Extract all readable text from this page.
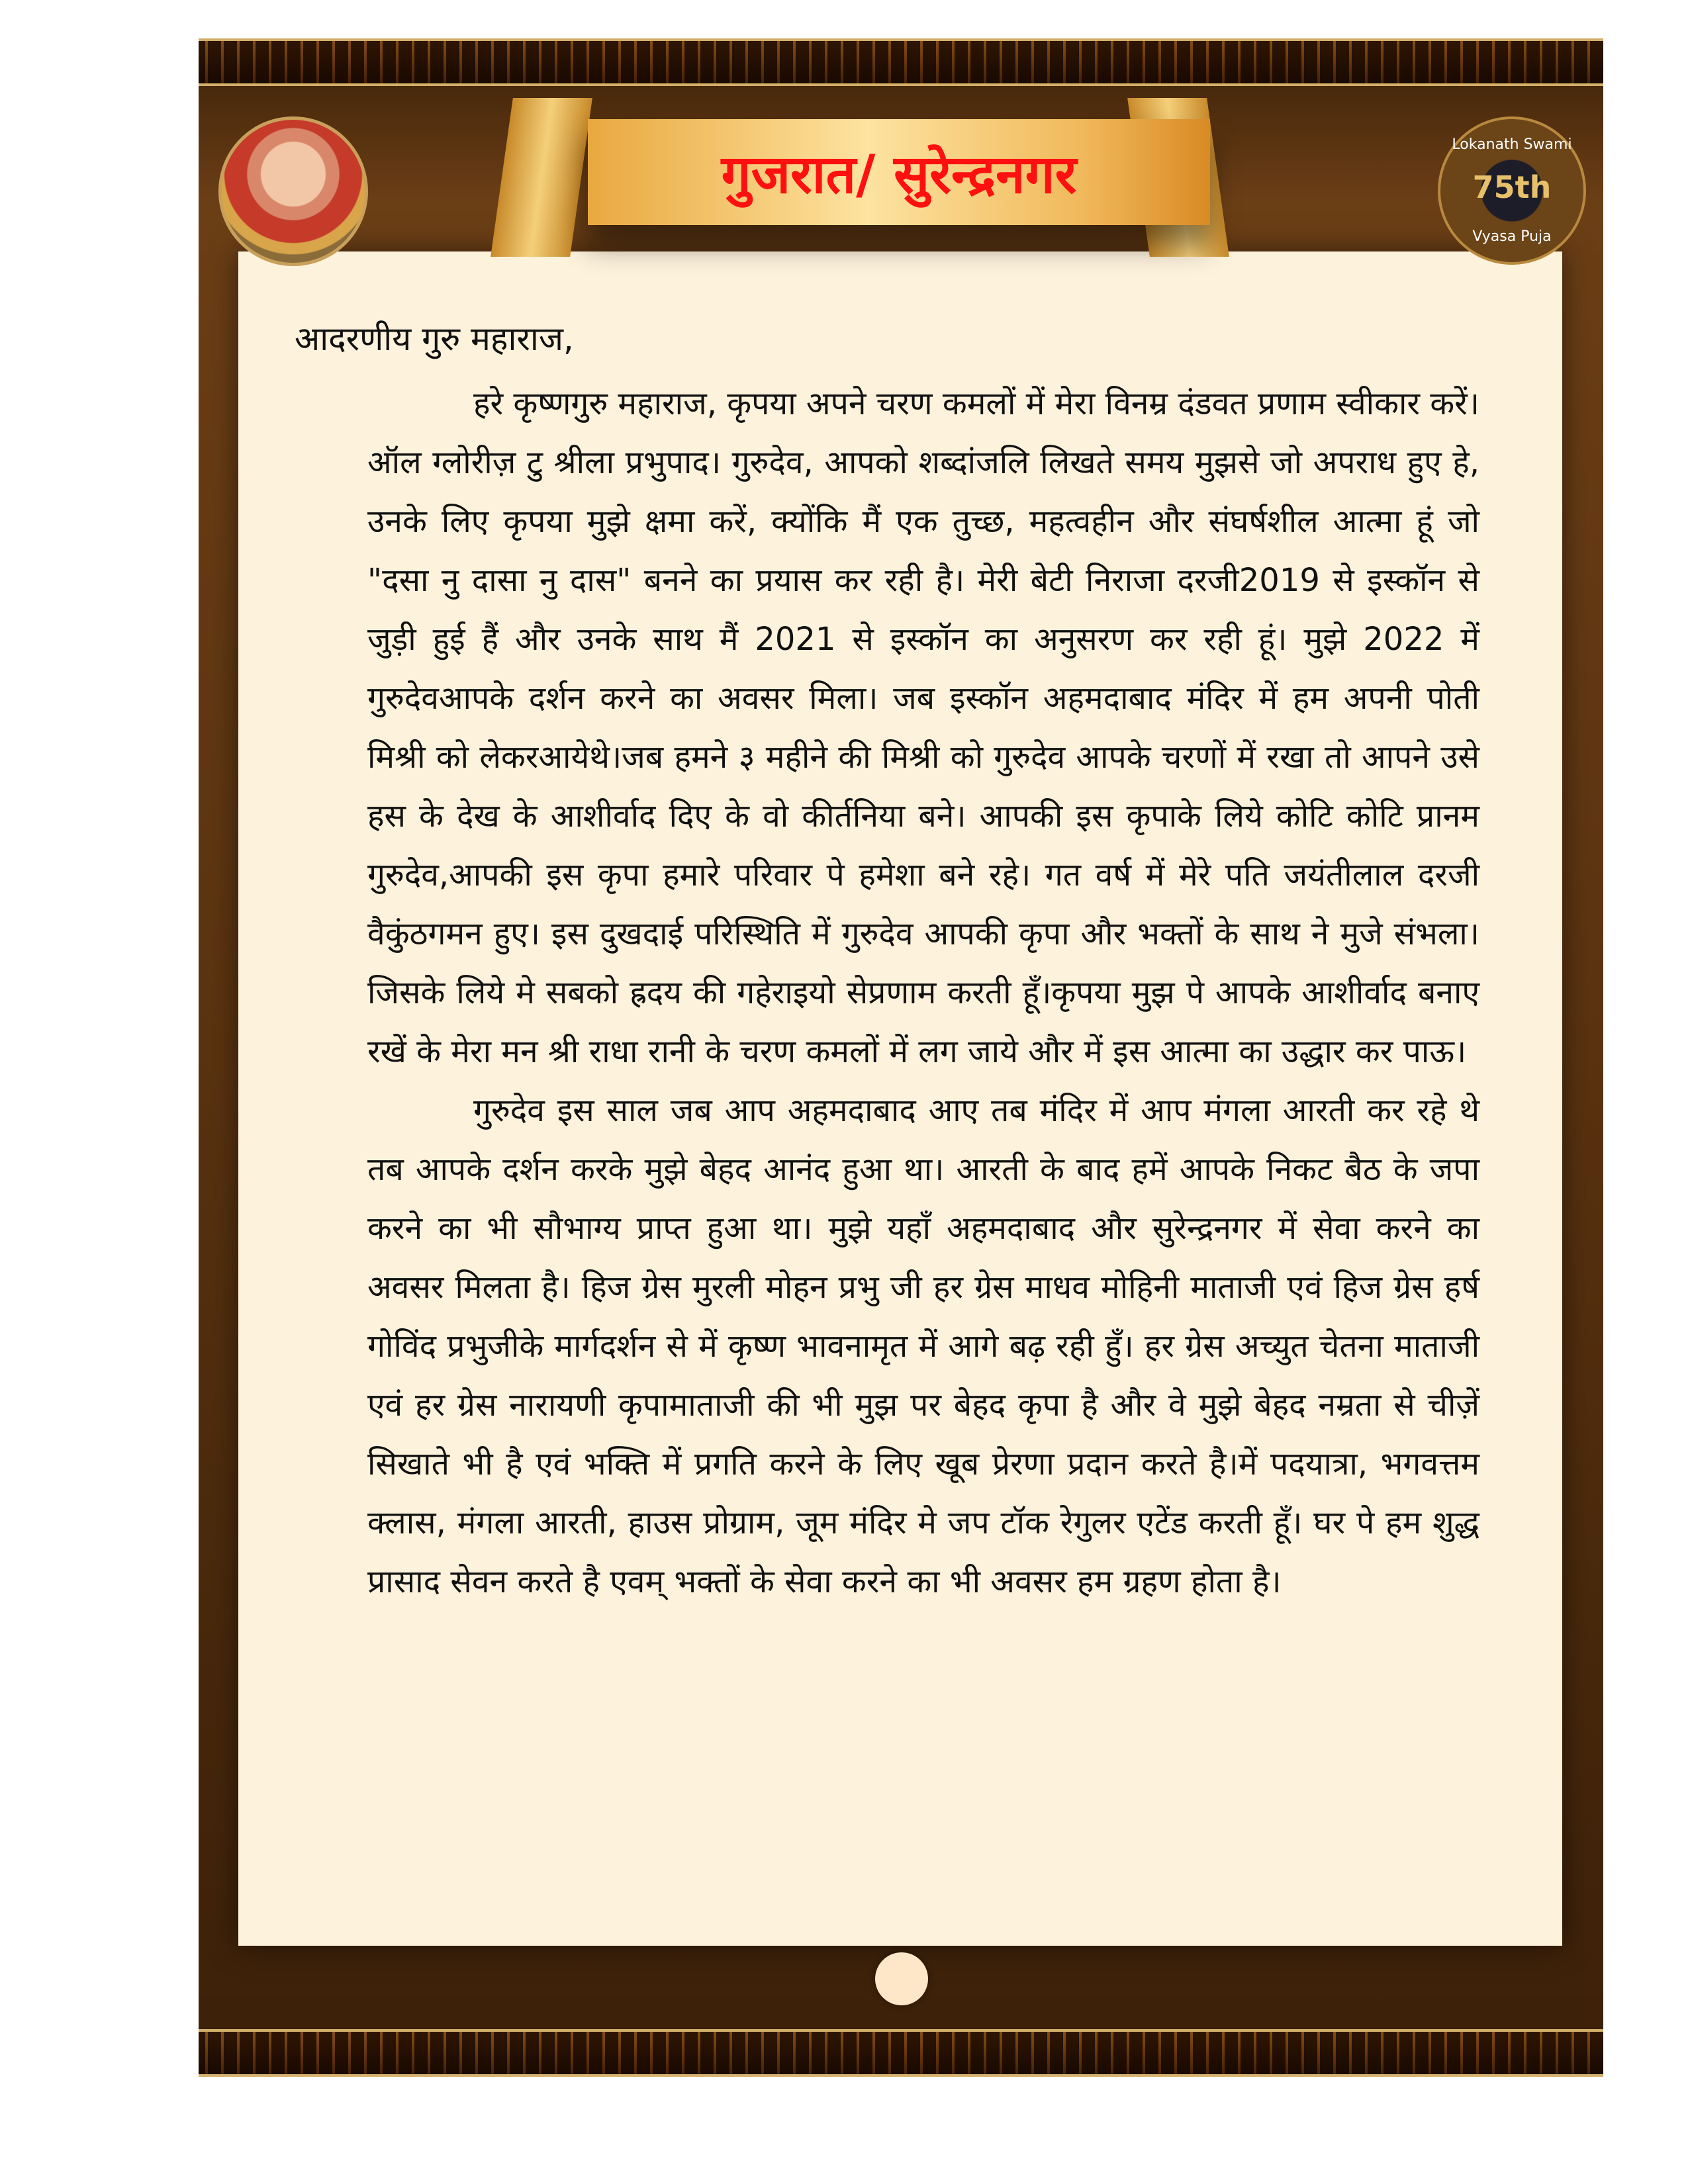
गुजरात/ सुरेन्द्रनगर	Lokanath Swami
75th
Vyasa Puja
आदरणीय गुरु महाराज,

हरे कृष्णगुरु महाराज, कृपया अपने चरण कमलों में मेरा विनम्र दंडवत प्रणाम स्वीकार करें।ऑल ग्लोरीज़ टु श्रीला प्रभुपाद। गुरुदेव, आपको शब्दांजलि लिखते समय मुझसे जो अपराध हुए हे, उनके लिए कृपया मुझे क्षमा करें, क्योंकि मैं एक तुच्छ, महत्वहीन और संघर्षशील आत्मा हूं जो "दसा नु दासा नु दास" बनने का प्रयास कर रही है। मेरी बेटी निराजा दरजी2019 से इस्कॉन से जुड़ी हुई हैं और उनके साथ मैं 2021 से इस्कॉन का अनुसरण कर रही हूं। मुझे 2022 में गुरुदेवआपके दर्शन करने का अवसर मिला। जब इस्कॉन अहमदाबाद मंदिर में हम अपनी पोती मिश्री को लेकरआयेथे।जब हमने ३ महीने की मिश्री को गुरुदेव आपके चरणों में रखा तो आपने उसे हस के देख के आशीर्वाद दिए के वो कीर्तनिया बने। आपकी इस कृपाके लिये कोटि कोटि प्रानम गुरुदेव,आपकी इस कृपा हमारे परिवार पे हमेशा बने रहे। गत वर्ष में मेरे पति जयंतीलाल दरजी वैकुंठगमन हुए। इस दुखदाई परिस्थिति में गुरुदेव आपकी कृपा और भक्तों के साथ ने मुजे संभला। जिसके लिये मे सबको ह्रदय की गहेराइयो सेप्रणाम करती हूँ।कृपया मुझ पे आपके आशीर्वाद बनाए रखें के मेरा मन श्री राधा रानी के चरण कमलों में लग जाये और में इस आत्मा का उद्धार कर पाऊ।

गुरुदेव इस साल जब आप अहमदाबाद आए तब मंदिर में आप मंगला आरती कर रहे थे तब आपके दर्शन करके मुझे बेहद आनंद हुआ था। आरती के बाद हमें आपके निकट बैठ के जपा करने का भी सौभाग्य प्राप्त हुआ था। मुझे यहाँ अहमदाबाद और सुरेन्द्रनगर में सेवा करने का अवसर मिलता है। हिज ग्रेस मुरली मोहन प्रभु जी हर ग्रेस माधव मोहिनी माताजी एवं हिज ग्रेस हर्ष गोविंद प्रभुजीके मार्गदर्शन से में कृष्ण भावनामृत में आगे बढ़ रही हुँ। हर ग्रेस अच्युत चेतना माताजी एवं हर ग्रेस नारायणी कृपामाताजी की भी मुझ पर बेहद कृपा है और वे मुझे बेहद नम्रता से चीज़ें सिखाते भी है एवं भक्ति में प्रगति करने के लिए खूब प्रेरणा प्रदान करते है।में पदयात्रा, भगवत्तम क्लास, मंगला आरती, हाउस प्रोग्राम, जूम मंदिर मे जप टॉक रेगुलर एटेंड करती हूँ। घर पे हम शुद्ध प्रासाद सेवन करते है एवम् भक्तों के सेवा करने का भी अवसर हम ग्रहण होता है।
